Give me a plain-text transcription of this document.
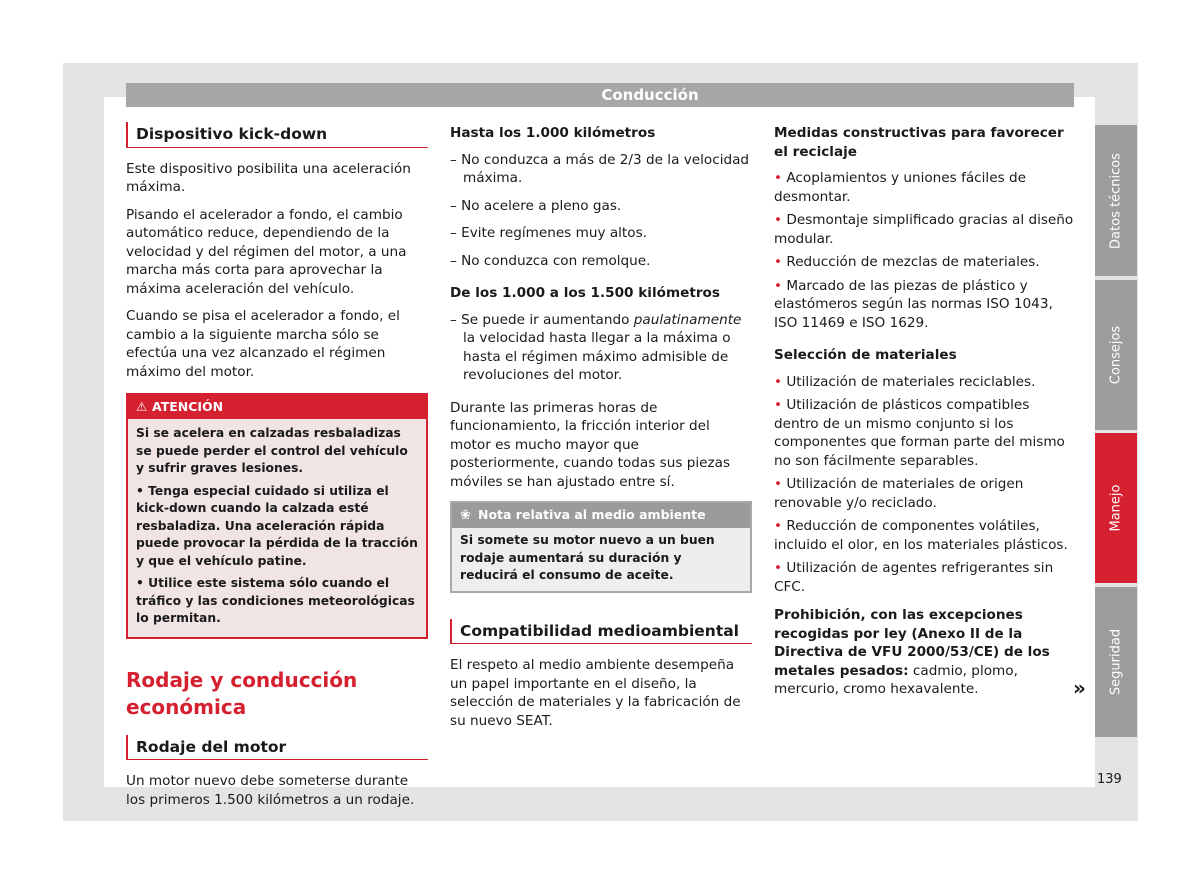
Conducción
Dispositivo kick-down

Este dispositivo posibilita una aceleración máxima.

Pisando el acelerador a fondo, el cambio automático reduce, dependiendo de la velocidad y del régimen del motor, a una marcha más corta para aprovechar la máxima aceleración del vehículo.

Cuando se pisa el acelerador a fondo, el cambio a la siguiente marcha sólo se efectúa una vez alcanzado el régimen máximo del motor.

⚠ ATENCIÓN
Si se acelera en calzadas resbaladizas se puede perder el control del vehículo y sufrir graves lesiones.
• Tenga especial cuidado si utiliza el kick-down cuando la calzada esté resbaladiza. Una aceleración rápida puede provocar la pérdida de la tracción y que el vehículo patine.
• Utilice este sistema sólo cuando el tráfico y las condiciones meteorológicas lo permitan.
Rodaje y conducción económica
Rodaje del motor

Un motor nuevo debe someterse durante los primeros 1.500 kilómetros a un rodaje.

Hasta los 1.000 kilómetros
– No conduzca a más de 2/3 de la velocidad máxima.
– No acelere a pleno gas.
– Evite regímenes muy altos.
– No conduzca con remolque.
De los 1.000 a los 1.500 kilómetros
– Se puede ir aumentando paulatinamente la velocidad hasta llegar a la máxima o hasta el régimen máximo admisible de revoluciones del motor.

Durante las primeras horas de funcionamiento, la fricción interior del motor es mucho mayor que posteriormente, cuando todas sus piezas móviles se han ajustado entre sí.

❀ Nota relativa al medio ambiente
Si somete su motor nuevo a un buen rodaje aumentará su duración y reducirá el consumo de aceite.
Compatibilidad medioambiental

El respeto al medio ambiente desempeña un papel importante en el diseño, la selección de materiales y la fabricación de su nuevo SEAT.

Medidas constructivas para favorecer el reciclaje
• Acoplamientos y uniones fáciles de desmontar.
• Desmontaje simplificado gracias al diseño modular.
• Reducción de mezclas de materiales.
• Marcado de las piezas de plástico y elastómeros según las normas ISO 1043, ISO 11469 e ISO 1629.
Selección de materiales
• Utilización de materiales reciclables.
• Utilización de plásticos compatibles dentro de un mismo conjunto si los componentes que forman parte del mismo no son fácilmente separables.
• Utilización de materiales de origen renovable y/o reciclado.
• Reducción de componentes volátiles, incluido el olor, en los materiales plásticos.
• Utilización de agentes refrigerantes sin CFC.

Prohibición, con las excepciones recogidas por ley (Anexo II de la Directiva de VFU 2000/53/CE) de los metales pesados: cadmio, plomo, mercurio, cromo hexavalente.	»
Datos técnicos
Consejos
Manejo
Seguridad
139
